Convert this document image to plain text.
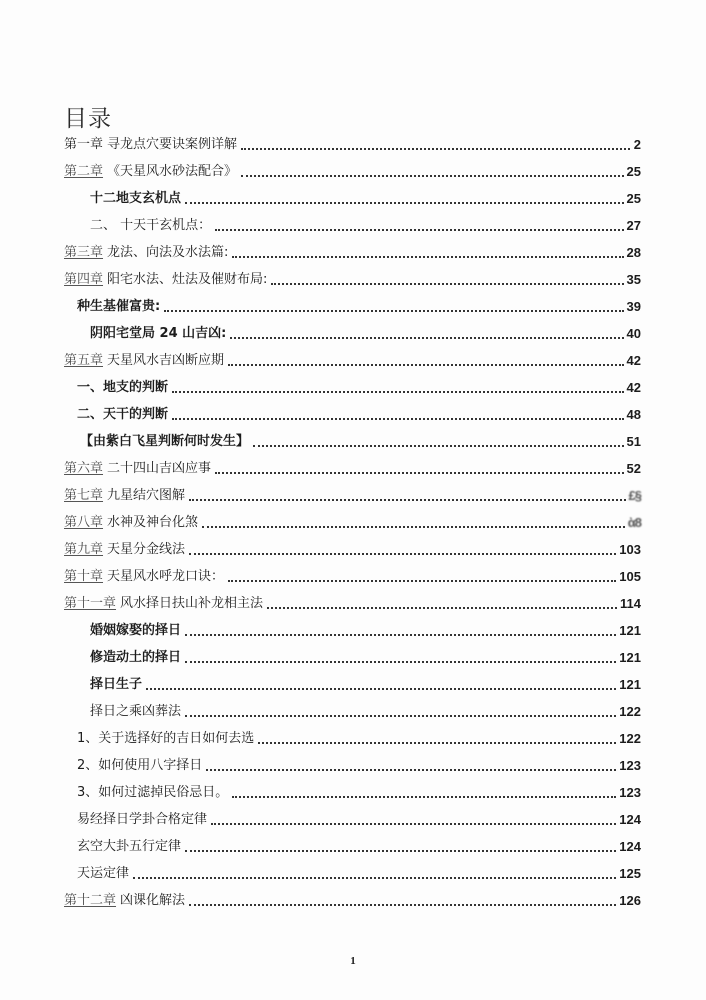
目录
第一章 寻龙点穴要诀案例详解	2
第二章 《天星风水砂法配合》	25
十二地支玄机点	25
二、 十天干玄机点：	27
第三章 龙法、向法及水法篇:	28
第四章 阳宅水法、灶法及催财布局:	35
种生基催富贵:	39
阴阳宅堂局 24 山吉凶:	40
第五章 天星风水吉凶断应期	42
一、地支的判断	42
二、天干的判断	48
【由紫白飞星判断何时发生】	51
第六章 二十四山吉凶应事	52
第七章 九星结穴图解	£§
第八章 水神及神台化煞	ὰ8
第九章 天星分金线法	103
第十章 天星风水呼龙口诀：	105
第十一章 风水择日扶山补龙相主法	114
婚姻嫁娶的择日	121
修造动土的择日	121
择日生子	121
择日之乘凶葬法	122
1、关于选择好的吉日如何去选	122
2、如何使用八字择日	123
3、如何过滤掉民俗忌日。	123
易经择日学卦合格定律	124
玄空大卦五行定律	124
天运定律	125
第十二章 凶课化解法	126
1
